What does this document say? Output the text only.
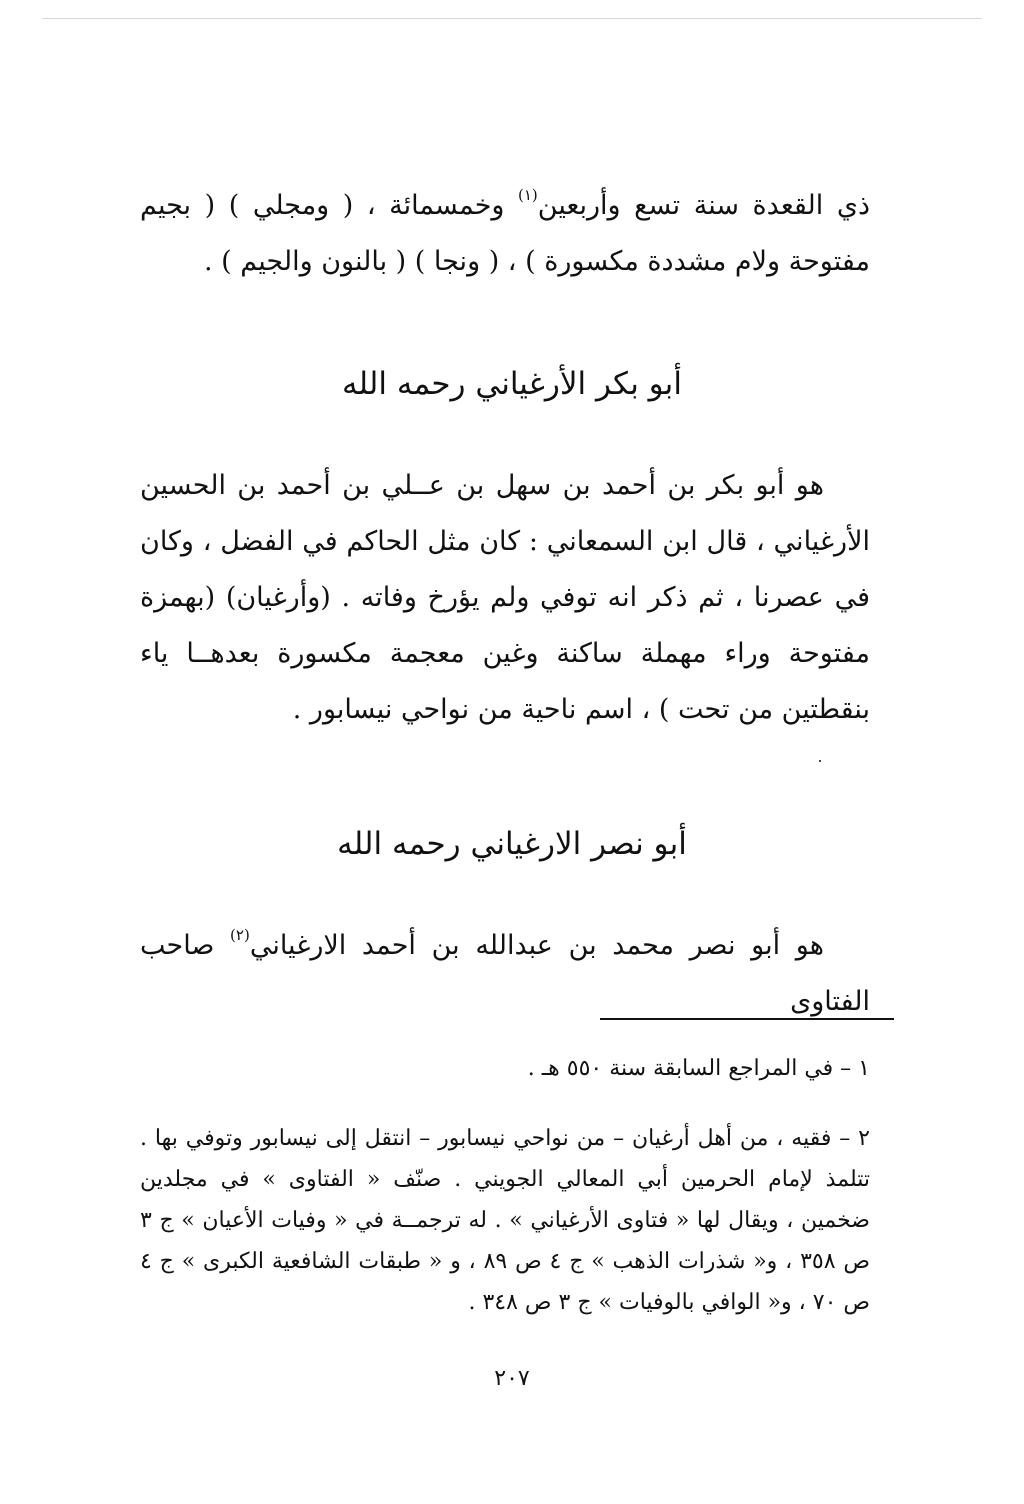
ذي القعدة سنة تسع وأربعين$^{(١)}$ وخمسمائة ، ( ومجلي ) ( بجيم مفتوحة ولام مشددة مكسورة ) ، ( ونجا ) ( بالنون والجيم ) .
أبو بكر الأرغياني رحمه الله
هو أبو بكر بن أحمد بن سهل بن عــلي بن أحمد بن الحسين الأرغياني ، قال ابن السمعاني : كان مثل الحاكم في الفضل ، وكان في عصرنا ، ثم ذكر انه توفي ولم يؤرخ وفاته . (وأرغيان) (بهمزة مفتوحة وراء مهملة ساكنة وغين معجمة مكسورة بعدهــا ياء بنقطتين من تحت ) ، اسم ناحية من نواحي نيسابور .
أبو نصر الارغياني رحمه الله
هو أبو نصر محمد بن عبدالله بن أحمد الارغياني$^{(٢)}$ صاحب الفتاوى
١ – في المراجع السابقة سنة ٥٥٠ هـ .
٢ – فقيه ، من أهل أرغيان – من نواحي نيسابور – انتقل إلى نيسابور وتوفي بها . تتلمذ لإمام الحرمين أبي المعالي الجويني . صنّف « الفتاوى » في مجلدين ضخمين ، ويقال لها « فتاوى الأرغياني » . له ترجمــة في « وفيات الأعيان » ج ٣ ص ٣٥٨ ، و« شذرات الذهب » ج ٤ ص ٨٩ ، و « طبقات الشافعية الكبرى » ج ٤ ص ٧٠ ، و« الوافي بالوفيات » ج ٣ ص ٣٤٨ .
٢٠٧
